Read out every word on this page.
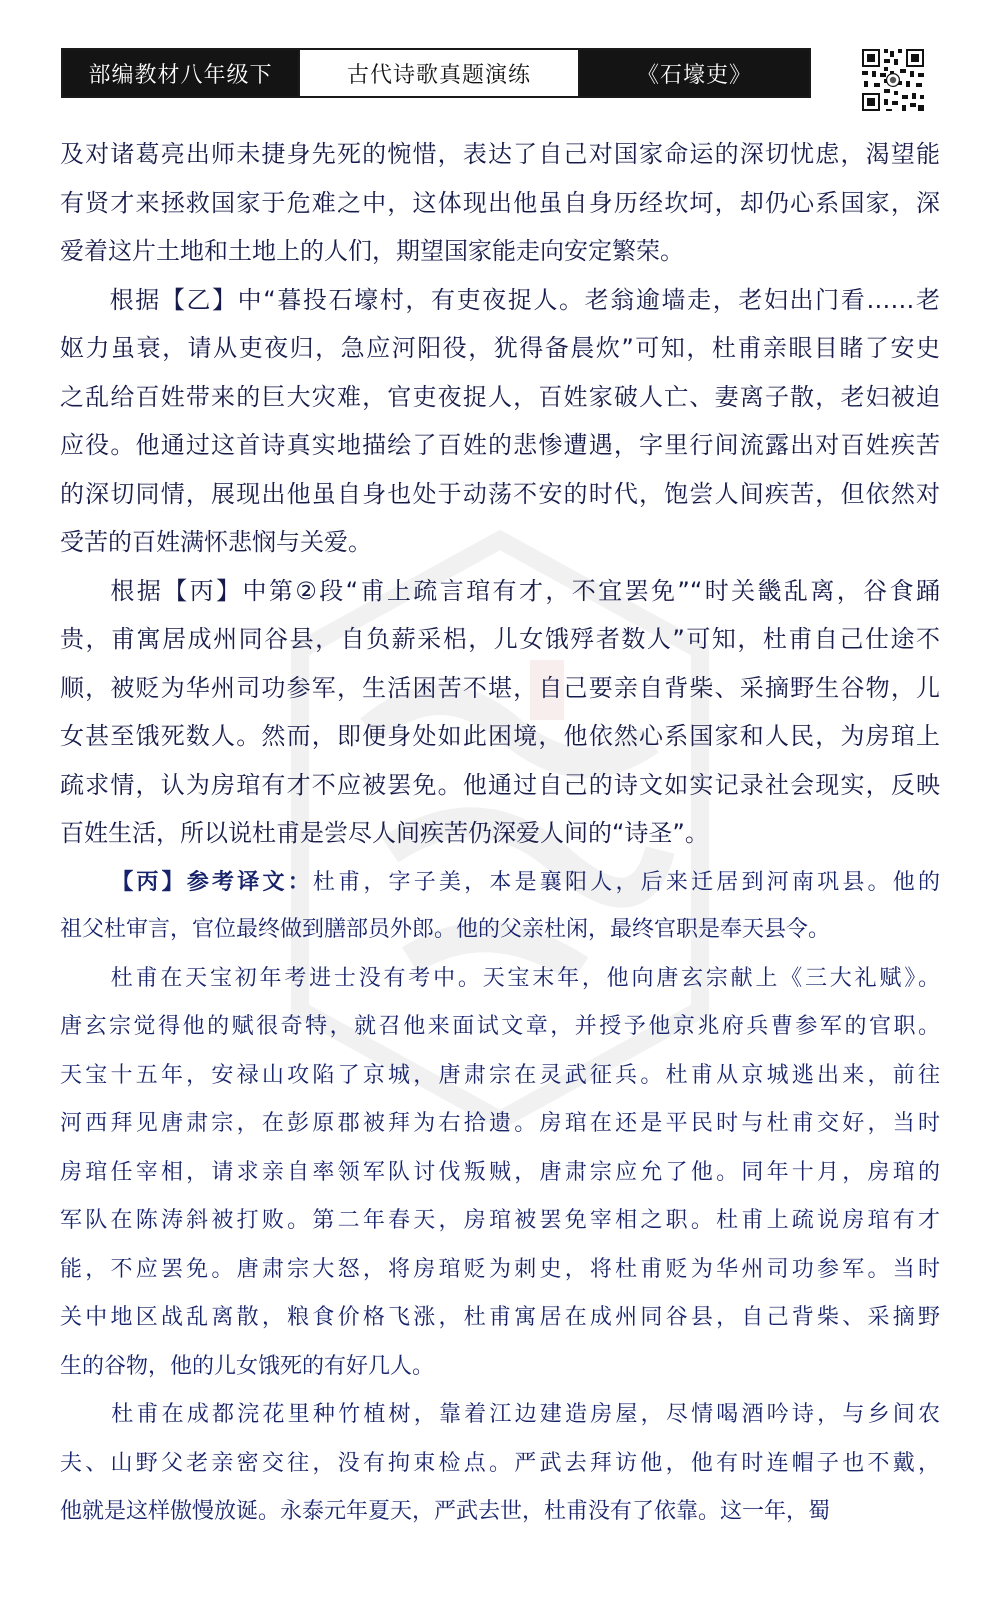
部编教材八年级下	古代诗歌真题演练	《石壕吏》
及对诸葛亮出师未捷身先死的惋惜，表达了自己对国家命运的深切忧虑，渴望能
有贤才来拯救国家于危难之中，这体现出他虽自身历经坎坷，却仍心系国家，深
爱着这片土地和土地上的人们，期望国家能走向安定繁荣。
根据【乙】中“暮投石壕村，有吏夜捉人。老翁逾墙走，老妇出门看……老
妪力虽衰，请从吏夜归，急应河阳役，犹得备晨炊”可知，杜甫亲眼目睹了安史
之乱给百姓带来的巨大灾难，官吏夜捉人，百姓家破人亡、妻离子散，老妇被迫
应役。他通过这首诗真实地描绘了百姓的悲惨遭遇，字里行间流露出对百姓疾苦
的深切同情，展现出他虽自身也处于动荡不安的时代，饱尝人间疾苦，但依然对
受苦的百姓满怀悲悯与关爱。
根据【丙】中第②段“甫上疏言琯有才，不宜罢免”“时关畿乱离，谷食踊
贵，甫寓居成州同谷县，自负薪采梠，儿女饿殍者数人”可知，杜甫自己仕途不
顺，被贬为华州司功参军，生活困苦不堪，自己要亲自背柴、采摘野生谷物，儿
女甚至饿死数人。然而，即便身处如此困境，他依然心系国家和人民，为房琯上
疏求情，认为房琯有才不应被罢免。他通过自己的诗文如实记录社会现实，反映
百姓生活，所以说杜甫是尝尽人间疾苦仍深爱人间的“诗圣”。
【丙】参考译文：杜甫，字子美，本是襄阳人，后来迁居到河南巩县。他的
祖父杜审言，官位最终做到膳部员外郎。他的父亲杜闲，最终官职是奉天县令。
杜甫在天宝初年考进士没有考中。天宝末年，他向唐玄宗献上《三大礼赋》。
唐玄宗觉得他的赋很奇特，就召他来面试文章，并授予他京兆府兵曹参军的官职。
天宝十五年，安禄山攻陷了京城，唐肃宗在灵武征兵。杜甫从京城逃出来，前往
河西拜见唐肃宗，在彭原郡被拜为右拾遗。房琯在还是平民时与杜甫交好，当时
房琯任宰相，请求亲自率领军队讨伐叛贼，唐肃宗应允了他。同年十月，房琯的
军队在陈涛斜被打败。第二年春天，房琯被罢免宰相之职。杜甫上疏说房琯有才
能，不应罢免。唐肃宗大怒，将房琯贬为刺史，将杜甫贬为华州司功参军。当时
关中地区战乱离散，粮食价格飞涨，杜甫寓居在成州同谷县，自己背柴、采摘野
生的谷物，他的儿女饿死的有好几人。
杜甫在成都浣花里种竹植树，靠着江边建造房屋，尽情喝酒吟诗，与乡间农
夫、山野父老亲密交往，没有拘束检点。严武去拜访他，他有时连帽子也不戴，
他就是这样傲慢放诞。永泰元年夏天，严武去世，杜甫没有了依靠。这一年，蜀
